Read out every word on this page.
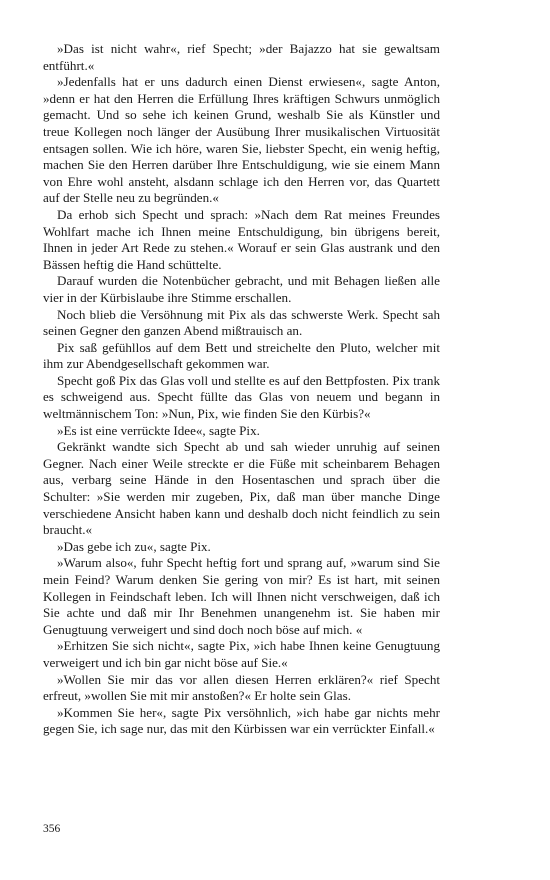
»Das ist nicht wahr«, rief Specht; »der Bajazzo hat sie gewaltsam entführt.«

»Jedenfalls hat er uns dadurch einen Dienst erwiesen«, sagte Anton, »denn er hat den Herren die Erfüllung Ihres kräftigen Schwurs unmöglich gemacht. Und so sehe ich keinen Grund, weshalb Sie als Künstler und treue Kollegen noch länger der Ausübung Ihrer musikalischen Virtuosität entsagen sollen. Wie ich höre, waren Sie, liebster Specht, ein wenig heftig, machen Sie den Herren darüber Ihre Entschuldigung, wie sie einem Mann von Ehre wohl ansteht, alsdann schlage ich den Herren vor, das Quartett auf der Stelle neu zu begründen.«

Da erhob sich Specht und sprach: »Nach dem Rat meines Freundes Wohlfart mache ich Ihnen meine Entschuldigung, bin übrigens bereit, Ihnen in jeder Art Rede zu stehen.« Worauf er sein Glas austrank und den Bässen heftig die Hand schüttelte.

Darauf wurden die Notenbücher gebracht, und mit Behagen ließen alle vier in der Kürbislaube ihre Stimme erschallen.

Noch blieb die Versöhnung mit Pix als das schwerste Werk. Specht sah seinen Gegner den ganzen Abend mißtrauisch an.

Pix saß gefühllos auf dem Bett und streichelte den Pluto, welcher mit ihm zur Abendgesellschaft gekommen war.

Specht goß Pix das Glas voll und stellte es auf den Bettpfosten. Pix trank es schweigend aus. Specht füllte das Glas von neuem und begann in weltmännischem Ton: »Nun, Pix, wie finden Sie den Kürbis?«

»Es ist eine verrückte Idee«, sagte Pix.

Gekränkt wandte sich Specht ab und sah wieder unruhig auf seinen Gegner. Nach einer Weile streckte er die Füße mit scheinbarem Behagen aus, verbarg seine Hände in den Hosentaschen und sprach über die Schulter: »Sie werden mir zugeben, Pix, daß man über manche Dinge verschiedene Ansicht haben kann und deshalb doch nicht feindlich zu sein braucht.«

»Das gebe ich zu«, sagte Pix.

»Warum also«, fuhr Specht heftig fort und sprang auf, »warum sind Sie mein Feind? Warum denken Sie gering von mir? Es ist hart, mit seinen Kollegen in Feindschaft leben. Ich will Ihnen nicht verschweigen, daß ich Sie achte und daß mir Ihr Benehmen unangenehm ist. Sie haben mir Genugtuung verweigert und sind doch noch böse auf mich. «

»Erhitzen Sie sich nicht«, sagte Pix, »ich habe Ihnen keine Genugtuung verweigert und ich bin gar nicht böse auf Sie.«

»Wollen Sie mir das vor allen diesen Herren erklären?« rief Specht erfreut, »wollen Sie mit mir anstoßen?« Er holte sein Glas.

»Kommen Sie her«, sagte Pix versöhnlich, »ich habe gar nichts mehr gegen Sie, ich sage nur, das mit den Kürbissen war ein verrückter Einfall.«

356
